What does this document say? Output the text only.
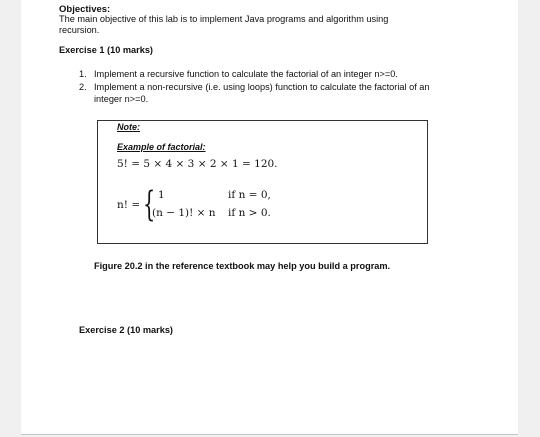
Objectives:
The main objective of this lab is to implement Java programs and algorithm using
recursion.
Exercise 1 (10 marks)
1. Implement a recursive function to calculate the factorial of an integer n>=0.
2. Implement a non-recursive (i.e. using loops) function to calculate the factorial of an
integer n>=0.
Note:
Example of factorial:
5! = 5 × 4 × 3 × 2 × 1 = 120.
n! = { 1	if n = 0,
(n − 1)! × n if n > 0.
Figure 20.2 in the reference textbook may help you build a program.
Exercise 2 (10 marks)
